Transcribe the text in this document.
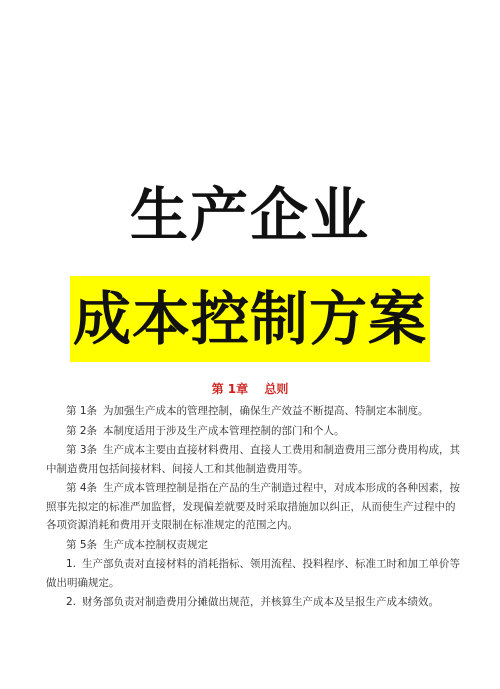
生产企业
成本控制方案
第 1章 总则

第 1条 为加强生产成本的管理控制，确保生产效益不断提高、特制定本制度。

第 2条 本制度适用于涉及生产成本管理控制的部门和个人。

第 3条 生产成本主要由直接材料费用、直接人工费用和制造费用三部分费用构成，其中制造费用包括间接材料、间接人工和其他制造费用等。

第 4条 生产成本管理控制是指在产品的生产制造过程中，对成本形成的各种因素，按照事先拟定的标准严加监督，发现偏差就要及时采取措施加以纠正，从而使生产过程中的各项资源消耗和费用开支限制在标准规定的范围之内。

第 5条 生产成本控制权责规定

1. 生产部负责对直接材料的消耗指标、领用流程、投料程序、标准工时和加工单价等做出明确规定。

2. 财务部负责对制造费用分摊做出规范，并核算生产成本及呈报生产成本绩效。
